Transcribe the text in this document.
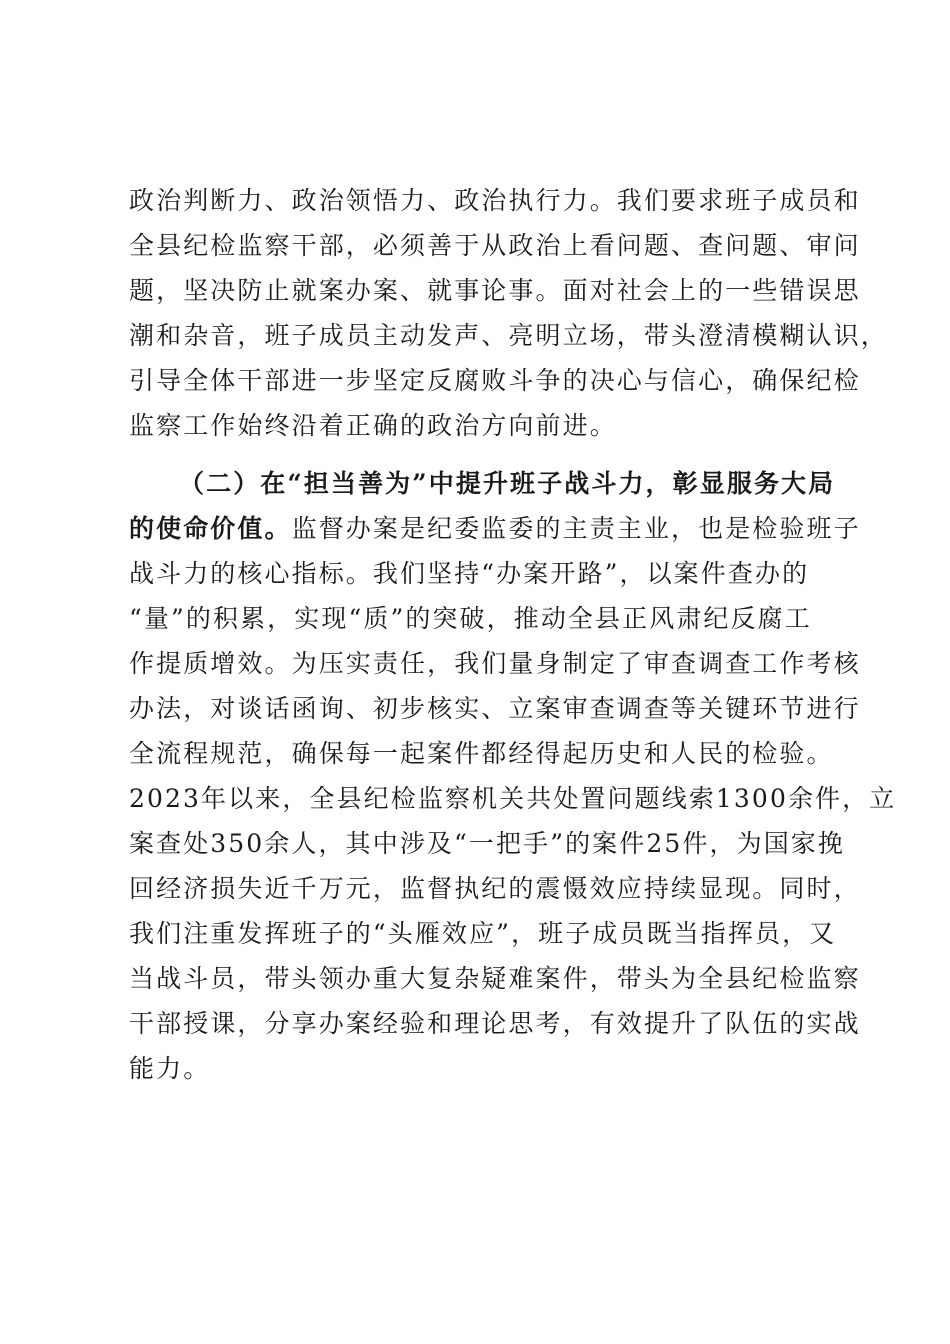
政治判断力、政治领悟力、政治执行力。我们要求班子成员和
全县纪检监察干部，必须善于从政治上看问题、查问题、审问
题，坚决防止就案办案、就事论事。面对社会上的一些错误思
潮和杂音，班子成员主动发声、亮明立场，带头澄清模糊认识，
引导全体干部进一步坚定反腐败斗争的决心与信心，确保纪检
监察工作始终沿着正确的政治方向前进。
（二）在“担当善为”中提升班子战斗力，彰显服务大局
的使命价值。监督办案是纪委监委的主责主业，也是检验班子
战斗力的核心指标。我们坚持“办案开路”，以案件查办的
“量”的积累，实现“质”的突破，推动全县正风肃纪反腐工
作提质增效。为压实责任，我们量身制定了审查调查工作考核
办法，对谈话函询、初步核实、立案审查调查等关键环节进行
全流程规范，确保每一起案件都经得起历史和人民的检验。
2023年以来，全县纪检监察机关共处置问题线索1300余件，立
案查处350余人，其中涉及“一把手”的案件25件，为国家挽
回经济损失近千万元，监督执纪的震慑效应持续显现。同时，
我们注重发挥班子的“头雁效应”，班子成员既当指挥员，又
当战斗员，带头领办重大复杂疑难案件，带头为全县纪检监察
干部授课，分享办案经验和理论思考，有效提升了队伍的实战
能力。
